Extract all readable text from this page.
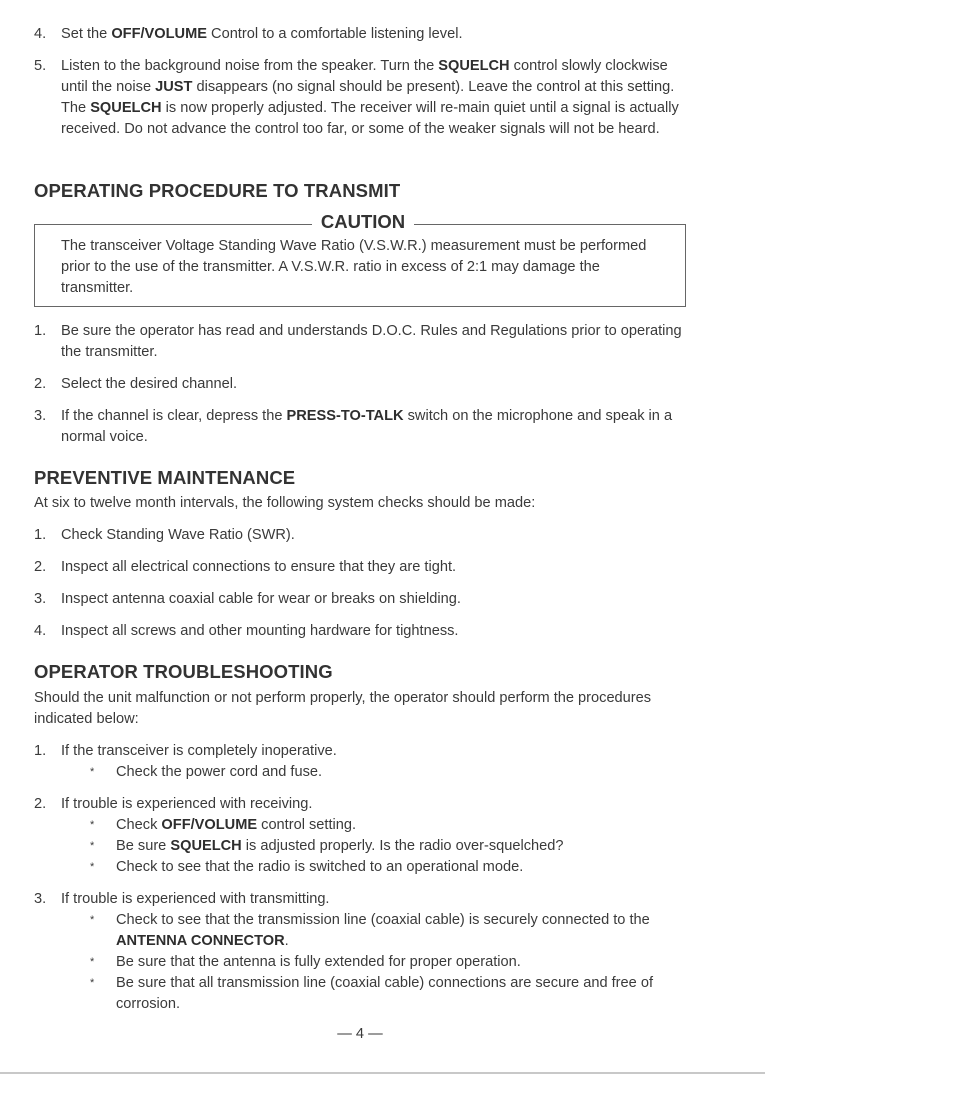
4. Set the OFF/VOLUME Control to a comfortable listening level.
5. Listen to the background noise from the speaker. Turn the SQUELCH control slowly clockwise until the noise JUST disappears (no signal should be present). Leave the control at this setting. The SQUELCH is now properly adjusted. The receiver will re-main quiet until a signal is actually received. Do not advance the control too far, or some of the weaker signals will not be heard.
OPERATING PROCEDURE TO TRANSMIT
CAUTION
The transceiver Voltage Standing Wave Ratio (V.S.W.R.) measurement must be performed prior to the use of the transmitter. A V.S.W.R. ratio in excess of 2:1 may damage the transmitter.
1. Be sure the operator has read and understands D.O.C. Rules and Regulations prior to operating the transmitter.
2. Select the desired channel.
3. If the channel is clear, depress the PRESS-TO-TALK switch on the microphone and speak in a normal voice.
PREVENTIVE MAINTENANCE

At six to twelve month intervals, the following system checks should be made:

1. Check Standing Wave Ratio (SWR).
2. Inspect all electrical connections to ensure that they are tight.
3. Inspect antenna coaxial cable for wear or breaks on shielding.
4. Inspect all screws and other mounting hardware for tightness.
OPERATOR TROUBLESHOOTING

Should the unit malfunction or not perform properly, the operator should perform the procedures indicated below:

1. If the transceiver is completely inoperative.
* Check the power cord and fuse.
2. If trouble is experienced with receiving.
* Check OFF/VOLUME control setting.
* Be sure SQUELCH is adjusted properly. Is the radio over-squelched?
* Check to see that the radio is switched to an operational mode.
3. If trouble is experienced with transmitting.
* Check to see that the transmission line (coaxial cable) is securely connected to the ANTENNA CONNECTOR.
* Be sure that the antenna is fully extended for proper operation.
* Be sure that all transmission line (coaxial cable) connections are secure and free of corrosion.
— 4 —
